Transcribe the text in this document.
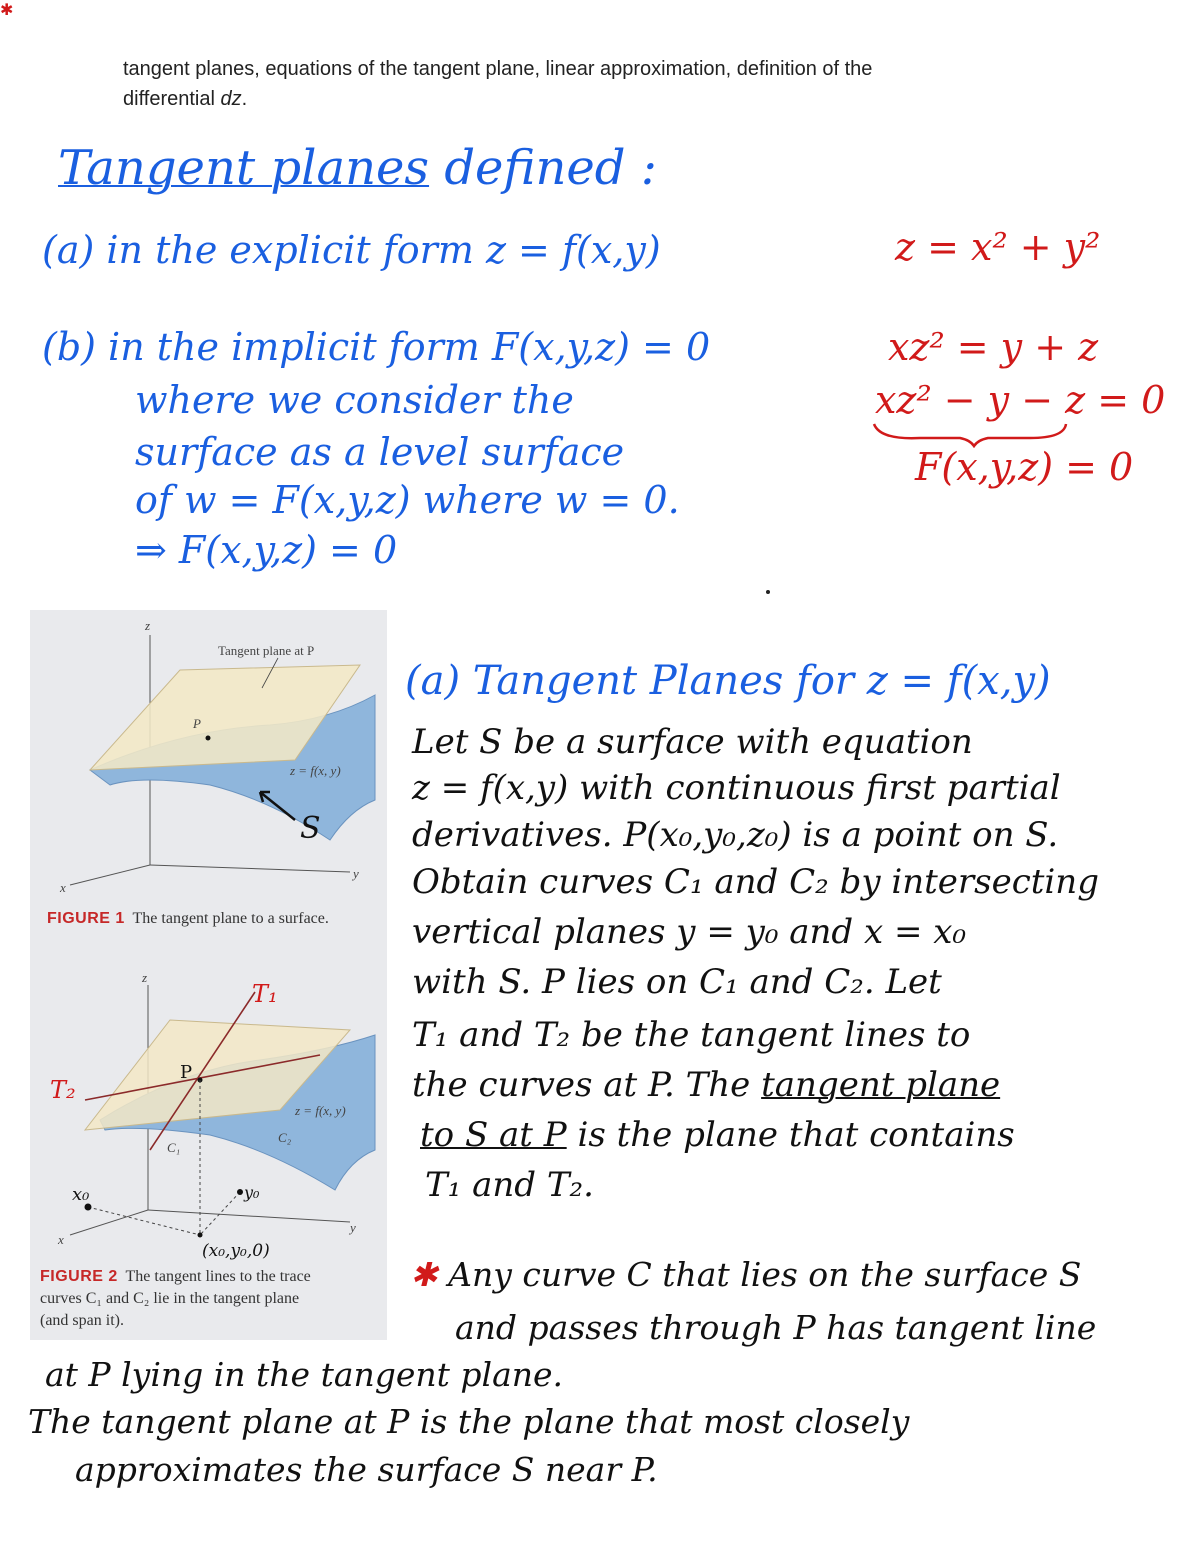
tangent planes, equations of the tangent plane, linear approximation, definition of the
differential dz.
Tangent planes defined :
(a) in the explicit form z = f(x,y)
(b) in the implicit form F(x,y,z) = 0
where we consider the
surface as a level surface
of w = F(x,y,z) where w = 0.
⇒ F(x,y,z) = 0
z = x² + y²
xz² = y + z
xz² − y − z = 0
F(x,y,z) = 0
z
x
y
P
Tangent plane at P
z = f(x, y)
S
z
x
y
P
T₁
T₂
z = f(x, y)
C₁
C₂
x₀	y₀
(x₀,y₀,0)
FIGURE 1 The tangent plane to a surface.
FIGURE 2 The tangent lines to the trace
curves C₁ and C₂ lie in the tangent plane
(and span it).
(a) Tangent Planes for z = f(x,y)
Let S be a surface with equation
z = f(x,y) with continuous first partial
derivatives. P(x₀,y₀,z₀) is a point on S.
Obtain curves C₁ and C₂ by intersecting
vertical planes y = y₀ and x = x₀
with S. P lies on C₁ and C₂. Let
T₁ and T₂ be the tangent lines to
the curves at P. The tangent plane
to S at P is the plane that contains
T₁ and T₂.
✱ Any curve C that lies on the surface S
and passes through P has tangent line
at P lying in the tangent plane.
✱
The tangent plane at P is the plane that most closely
approximates the surface S near P.
